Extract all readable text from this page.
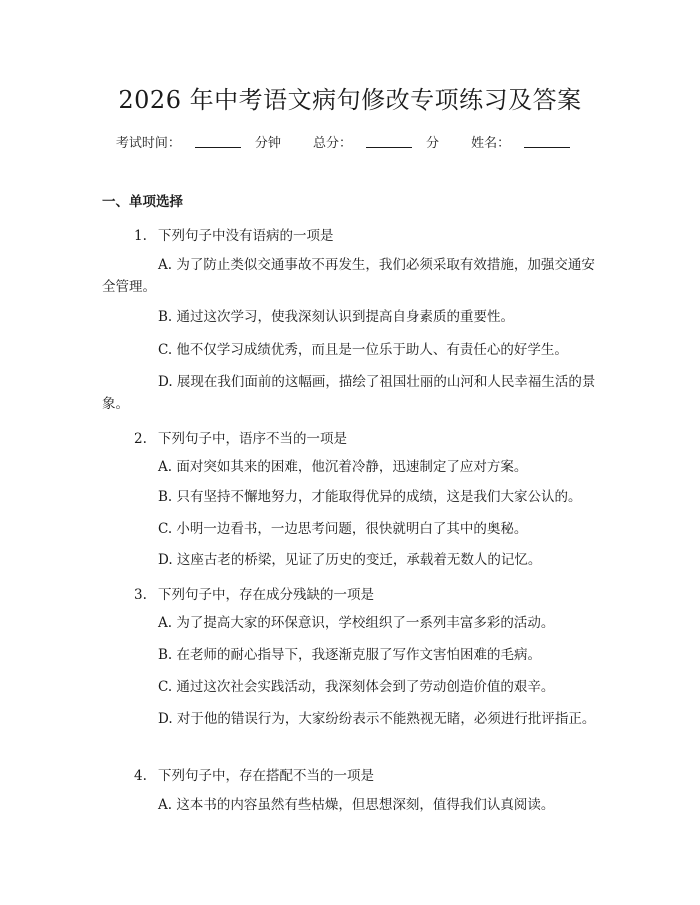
2026 年中考语文病句修改专项练习及答案
考试时间：	分钟 总分：	分 姓名：
一、单项选择
1. 下列句子中没有语病的一项是
A. 为了防止类似交通事故不再发生，我们必须采取有效措施，加强交通安全管理。
B. 通过这次学习，使我深刻认识到提高自身素质的重要性。
C. 他不仅学习成绩优秀，而且是一位乐于助人、有责任心的好学生。
D. 展现在我们面前的这幅画，描绘了祖国壮丽的山河和人民幸福生活的景象。
2. 下列句子中，语序不当的一项是
A. 面对突如其来的困难，他沉着冷静，迅速制定了应对方案。
B. 只有坚持不懈地努力，才能取得优异的成绩，这是我们大家公认的。
C. 小明一边看书，一边思考问题，很快就明白了其中的奥秘。
D. 这座古老的桥梁，见证了历史的变迁，承载着无数人的记忆。
3. 下列句子中，存在成分残缺的一项是
A. 为了提高大家的环保意识，学校组织了一系列丰富多彩的活动。
B. 在老师的耐心指导下，我逐渐克服了写作文害怕困难的毛病。
C. 通过这次社会实践活动，我深刻体会到了劳动创造价值的艰辛。
D. 对于他的错误行为，大家纷纷表示不能熟视无睹，必须进行批评指正。
4. 下列句子中，存在搭配不当的一项是
A. 这本书的内容虽然有些枯燥，但思想深刻，值得我们认真阅读。
